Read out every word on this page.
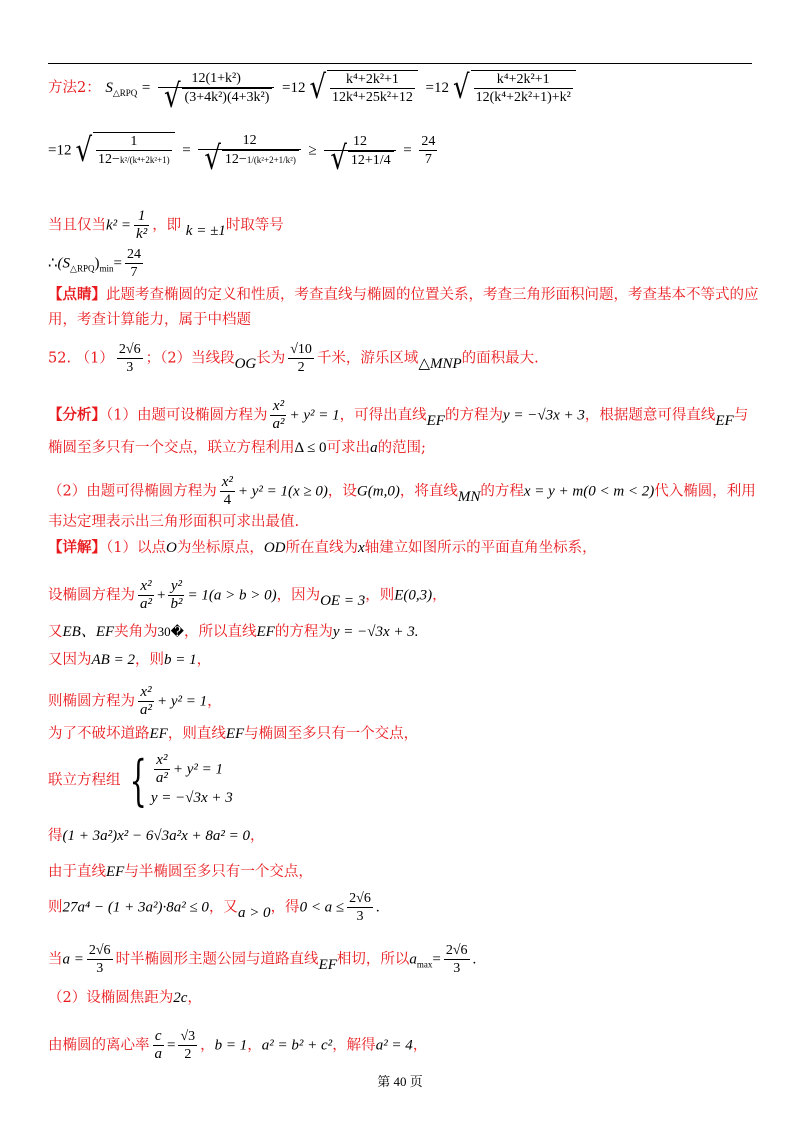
方法2： $S_{\triangle RPQ} = \frac{\text{12(1+k²)}}{\text{√ (3+4k²)(4+3k²)}} =12$ √ $\frac{\text{k⁴+2k²+1}}{\text{12k⁴+25k²+12}} =12$ √ $\frac{\text{k⁴+2k²+1}}{\text{12(k⁴+2k²+1)+k²}}$
=12 √ $\frac{1}{\text{12−k²/(k⁴+2k²+1)}} = \frac{12}{\text{√ 12−1/(k²+2+1/k²)}} \ge \frac{12}{√ 12+1/4} = \frac{24}{7}$
当且仅当$k^2 = \frac{1}{\text{k²}}$ ，即 k = ±1时取等号
$\therefore(S_{\triangle RPQ})_{min}= \frac{24}{7}$
【点睛】此题考查椭圆的定义和性质，考查直线与椭圆的位置关系，考查三角形面积问题，考查基本不等式的应
用，考查计算能力，属于中档题
52. $(1) \frac{2√6}{3}$ ；（2）当线段OG长为 $\frac{√10}{2}$ 千米，游乐区域△MNP的面积最大.
【分析】（1）由题可设椭圆方程为 $\frac{\text{x²}}{\text{a²}} + y^2 = 1$，可得出直线EF的方程为y = −√3x + 3，根据题意可得直线EF与
椭圆至多只有一个交点，联立方程利用Δ ≤ 0可求出a的范围;
（2）由题可得椭圆方程为 $\frac{\text{x²}}{4} + y^2 = 1(x \ge 0)$，设G(m,0)，将直线MN的方程x = y + m(0 < m < 2)代入椭圆，利用
韦达定理表示出三角形面积可求出最值.
【详解】（1）以点O为坐标原点，OD所在直线为x轴建立如图所示的平面直角坐标系，
设椭圆方程为 $\frac{\text{x²}}{\text{a²}} + \frac{\text{y²}}{\text{b²}} = 1(a > b > 0)$，因为OE = 3，则E(0,3)，
又EB、EF夹角为30�，所以直线EF的方程为y = −√3x + 3.
又因为AB = 2，则b = 1，
则椭圆方程为 $\frac{\text{x²}}{\text{a²}} + y^2 = 1$，
为了不破坏道路EF，则直线EF与椭圆至多只有一个交点，
联立方程组 { $\frac{\text{x²}}{\text{a²}} + y^2 = 1$
y = −√3x + 3
得(1 + 3a²)x² − 6√3a²x + 8a² = 0，
由于直线EF与半椭圆至多只有一个交点，
则27a⁴ − (1 + 3a²)·8a² ≤ 0，又a > 0，得$0 < a \le \frac{2√6}{3}$ .
当$a = \frac{2√6}{3}$ 时半椭圆形主题公园与道路直线EF相切，所以$a_{max}= \frac{2√6}{3}$ .
（2）设椭圆焦距为2c，
由椭圆的离心率 $\frac{c}{a} = \frac{√3}{2}$ ，b = 1，a² = b² + c²，解得a² = 4，
第 40 页
